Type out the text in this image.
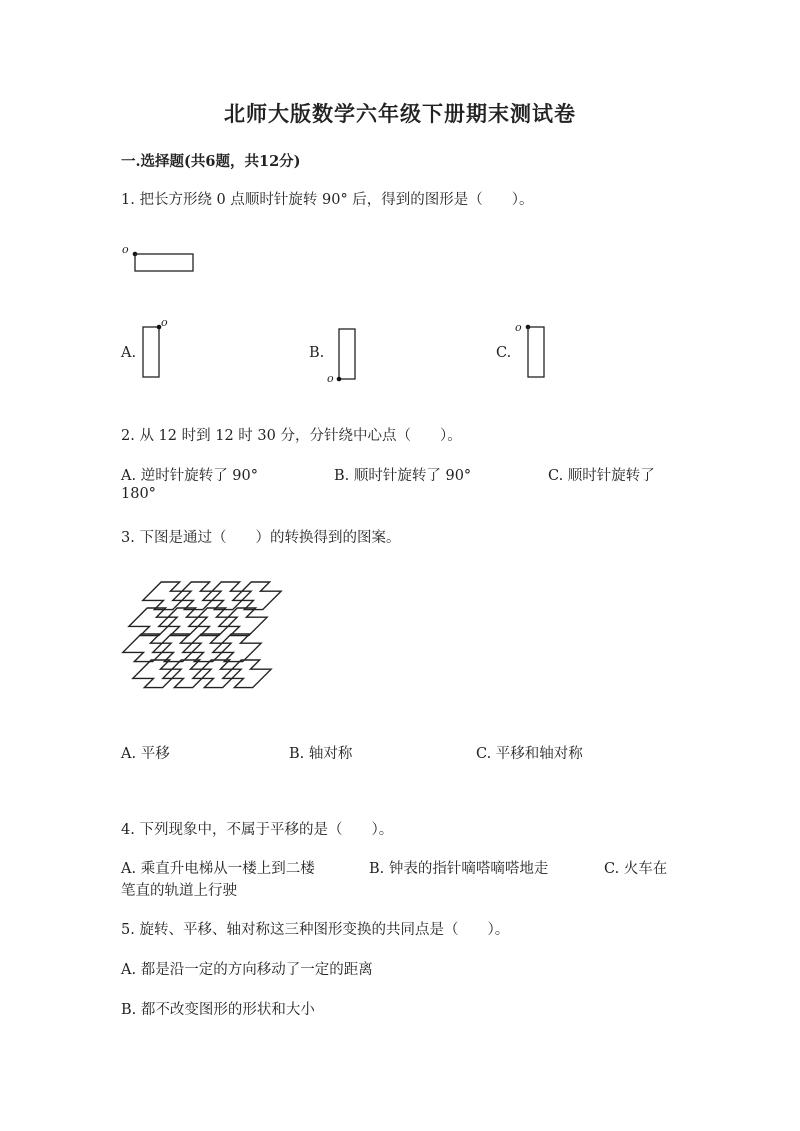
北师大版数学六年级下册期末测试卷
一.选择题(共6题，共12分)
1. 把长方形绕 0 点顺时针旋转 90° 后，得到的图形是（　　）。
o
A.
o
B.
o
C.
o
2. 从 12 时到 12 时 30 分，分针绕中心点（　　）。
A. 逆时针旋转了 90°	B. 顺时针旋转了 90°	C. 顺时针旋转了
180°
3. 下图是通过（　　）的转换得到的图案。
A. 平移	B. 轴对称	C. 平移和轴对称
4. 下列现象中，不属于平移的是（　　）。
A. 乘直升电梯从一楼上到二楼	B. 钟表的指针嘀嗒嘀嗒地走	C. 火车在
笔直的轨道上行驶
5. 旋转、平移、轴对称这三种图形变换的共同点是（　　）。
A. 都是沿一定的方向移动了一定的距离
B. 都不改变图形的形状和大小
